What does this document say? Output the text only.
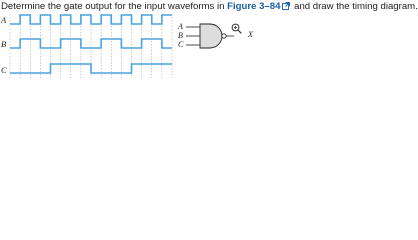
Determine the gate output for the input waveforms in Figure 3–84 and draw the timing diagram.
A
B
C
A
B
C
X
